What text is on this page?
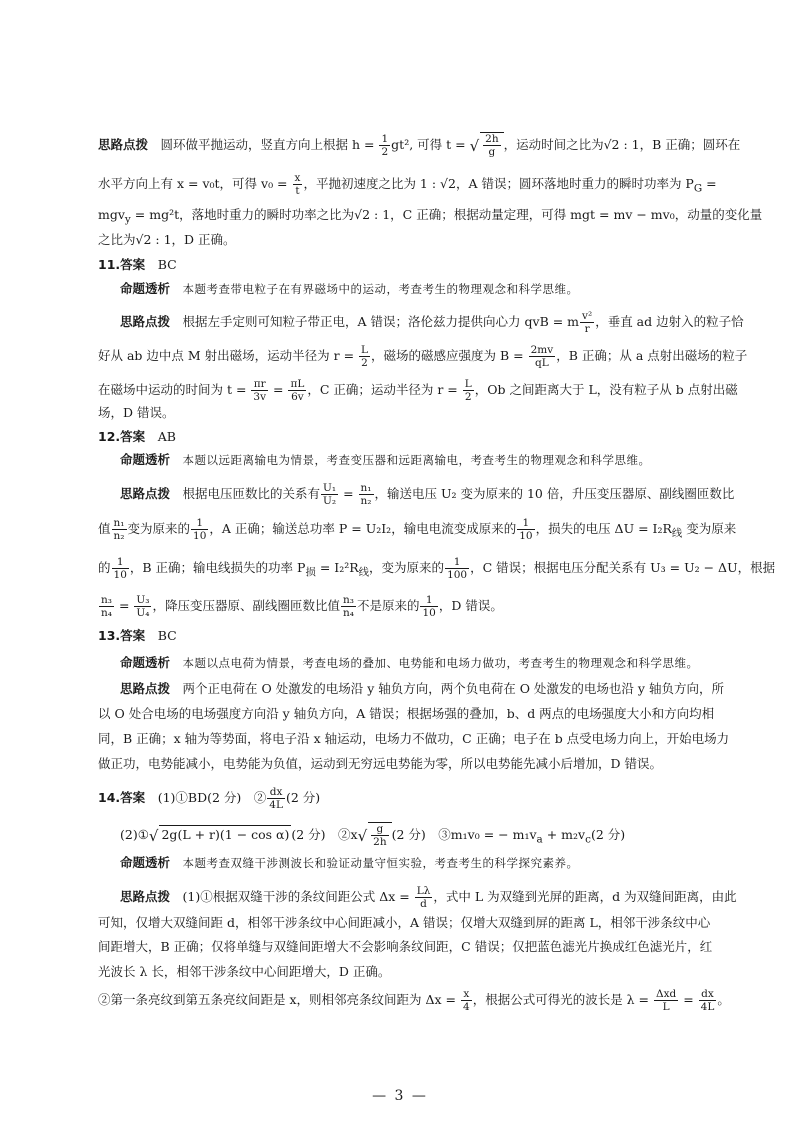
思路点拨　 圆环做平抛运动，竖直方向上根据 $h = \frac{1}{2} gt^2$, 可得 t = √ $\frac{2h}{g}$ ，运动时间之比为√2 : 1，B 正确；圆环在
水平方向上有 x = v₀t，可得 $v_0 = \frac{x}{t}$ ，平抛初速度之比为 1 : √2，A 错误；圆环落地时重力的瞬时功率为 $P_G$ =
mgv$_y$ = mg²t，落地时重力的瞬时功率之比为√2 : 1，C 正确；根据动量定理，可得 mgt = mv − mv₀，动量的变化量
之比为√2 : 1，D 正确。
11.答案　 BC
命题透析　 本题考查带电粒子在有界磁场中的运动，考查考生的物理观念和科学思维。
思路点拨　 根据左手定则可知粒子带正电，A 错误；洛伦兹力提供向心力 qvB = m $\frac{\text{v²}}{r}$ ，垂直 ad 边射入的粒子恰
好从 ab 边中点 M 射出磁场，运动半径为 $r = \frac{L}{2}$ ，磁场的磁感应强度为 $B = \frac{2mv}{qL}$ ，B 正确；从 a 点射出磁场的粒子
在磁场中运动的时间为 $t = \frac{\pi r}{3v} = \frac{\pi L}{6v}$ ，C 正确；运动半径为 $r = \frac{L}{2}$ ，Ob 之间距离大于 L，没有粒子从 b 点射出磁
场，D 错误。
12.答案　 AB
命题透析　 本题以远距离输电为情景，考查变压器和远距离输电，考查考生的物理观念和科学思维。
思路点拨　 根据电压匝数比的关系有 $\frac{\text{U₁}}{\text{U₂}} = \frac{\text{n₁}}{\text{n₂}}$ ，输送电压 U₂ 变为原来的 10 倍，升压变压器原、副线圈匝数比
值 $\frac{\text{n₁}}{\text{n₂}}$ 变为原来的 $\frac{1}{10}$ ，A 正确；输送总功率 P = U₂I₂，输电电流变成原来的 $\frac{1}{10}$ ，损失的电压 $\Delta U = I_2R_线$ 变为原来
的 $\frac{1}{10}$ ，B 正确；输电线损失的功率 $P_损 = I_2^2R_线$，变为原来的 $\frac{1}{100}$ ，C 错误；根据电压分配关系有 U₃ = U₂ − ΔU，根据
$\frac{\text{n₃}}{\text{n₄}} = \frac{\text{U₃}}{\text{U₄}}$ ，降压变压器原、副线圈匝数比值 $\frac{\text{n₃}}{\text{n₄}}$ 不是原来的 $\frac{1}{10}$ ，D 错误。
13.答案　 BC
命题透析　 本题以点电荷为情景，考查电场的叠加、电势能和电场力做功，考查考生的物理观念和科学思维。
思路点拨　 两个正电荷在 O 处激发的电场沿 y 轴负方向，两个负电荷在 O 处激发的电场也沿 y 轴负方向，所
以 O 处合电场的电场强度方向沿 y 轴负方向，A 错误；根据场强的叠加，b、d 两点的电场强度大小和方向均相
同，B 正确；x 轴为等势面，将电子沿 x 轴运动，电场力不做功，C 正确；电子在 b 点受电场力向上，开始电场力
做正功，电势能减小，电势能为负值，运动到无穷远电势能为零，所以电势能先减小后增加，D 错误。
14.答案　 (1)①BD(2 分)　② $\frac{dx}{4L} (2$ 分)
(2)①√ 2g(L + r)(1 − cos α) (2 分)　②x√ $\frac{g}{2h} (2$ 分)　③m₁v₀ = − $m_1v_a + m_2v_c(2$ 分)
命题透析　 本题考查双缝干涉测波长和验证动量守恒实验，考查考生的科学探究素养。
思路点拨　 (1)①根据双缝干涉的条纹间距公式 $\Delta x = \frac{L\lambda}{d}$ ，式中 L 为双缝到光屏的距离，d 为双缝间距离，由此
可知，仅增大双缝间距 d，相邻干涉条纹中心间距减小，A 错误；仅增大双缝到屏的距离 L，相邻干涉条纹中心
间距增大，B 正确；仅将单缝与双缝间距增大不会影响条纹间距，C 错误；仅把蓝色滤光片换成红色滤光片，红
光波长 λ 长，相邻干涉条纹中心间距增大，D 正确。
②第一条亮纹到第五条亮纹间距是 x，则相邻亮条纹间距为 $\Delta x = \frac{x}{4}$ ，根据公式可得光的波长是 $\lambda = \frac{\text{Δxd}}{L} = \frac{dx}{4L}$ 。
— 3 —
